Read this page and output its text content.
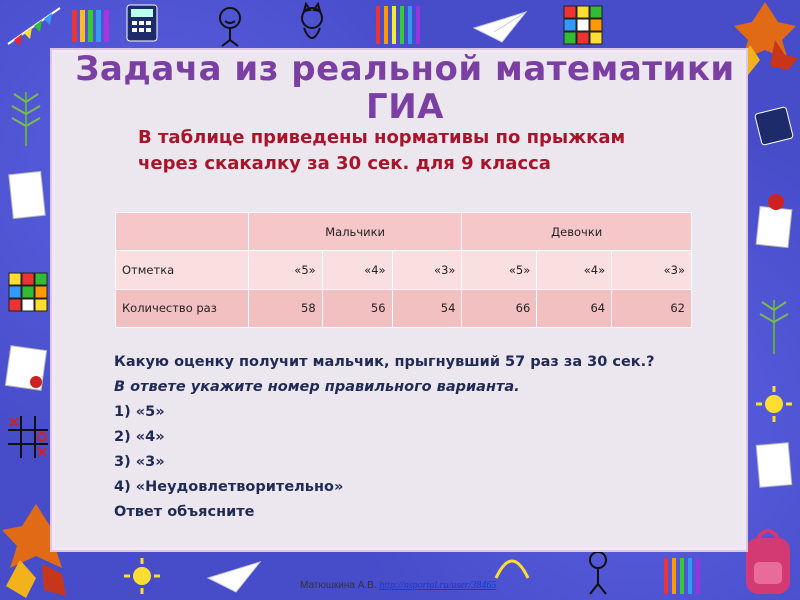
Задача из реальной математики ГИА
В таблице приведены нормативы по прыжкам через скакалку за 30 сек. для 9 класса
	Мальчики			Девочки		
Отметка	«5»	«4»	«3»	«5»	«4»	«3»
Количество раз	58	56	54	66	64	62
Какую оценку получит мальчик, прыгнувший 57 раз за 30 сек.?
В ответе укажите номер правильного варианта.
1) «5»
2) «4»
3) «3»
4) «Неудовлетворительно»
Ответ объясните
Матюшкина А.В. http://nsportal.ru/user/38465
